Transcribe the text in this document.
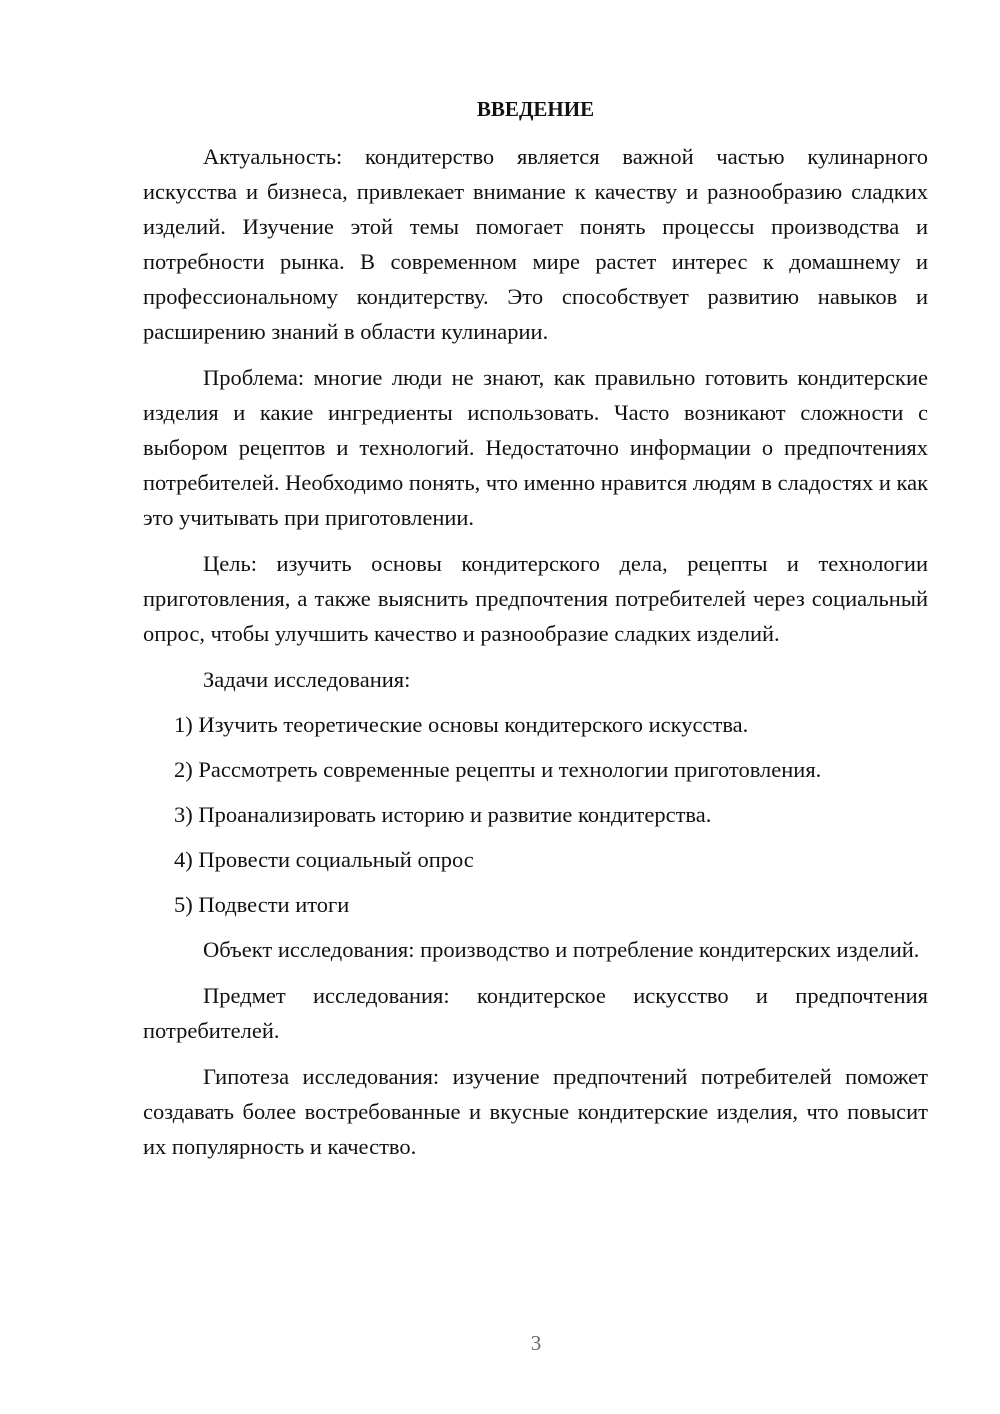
ВВЕДЕНИЕ

Актуальность: кондитерство является важной частью кулинарного искусства и бизнеса, привлекает внимание к качеству и разнообразию сладких изделий. Изучение этой темы помогает понять процессы производства и потребности рынка. В современном мире растет интерес к домашнему и профессиональному кондитерству. Это способствует развитию навыков и расширению знаний в области кулинарии.

Проблема: многие люди не знают, как правильно готовить кондитерские изделия и какие ингредиенты использовать. Часто возникают сложности с выбором рецептов и технологий. Недостаточно информации о предпочтениях потребителей. Необходимо понять, что именно нравится людям в сладостях и как это учитывать при приготовлении.

Цель: изучить основы кондитерского дела, рецепты и технологии приготовления, а также выяснить предпочтения потребителей через социальный опрос, чтобы улучшить качество и разнообразие сладких изделий.

Задачи исследования:

1) Изучить теоретические основы кондитерского искусства.

2) Рассмотреть современные рецепты и технологии приготовления.

3) Проанализировать историю и развитие кондитерства.

4) Провести социальный опрос

5) Подвести итоги

Объект исследования: производство и потребление кондитерских изделий.

Предмет исследования: кондитерское искусство и предпочтения потребителей.

Гипотеза исследования: изучение предпочтений потребителей поможет создавать более востребованные и вкусные кондитерские изделия, что повысит их популярность и качество.

3
